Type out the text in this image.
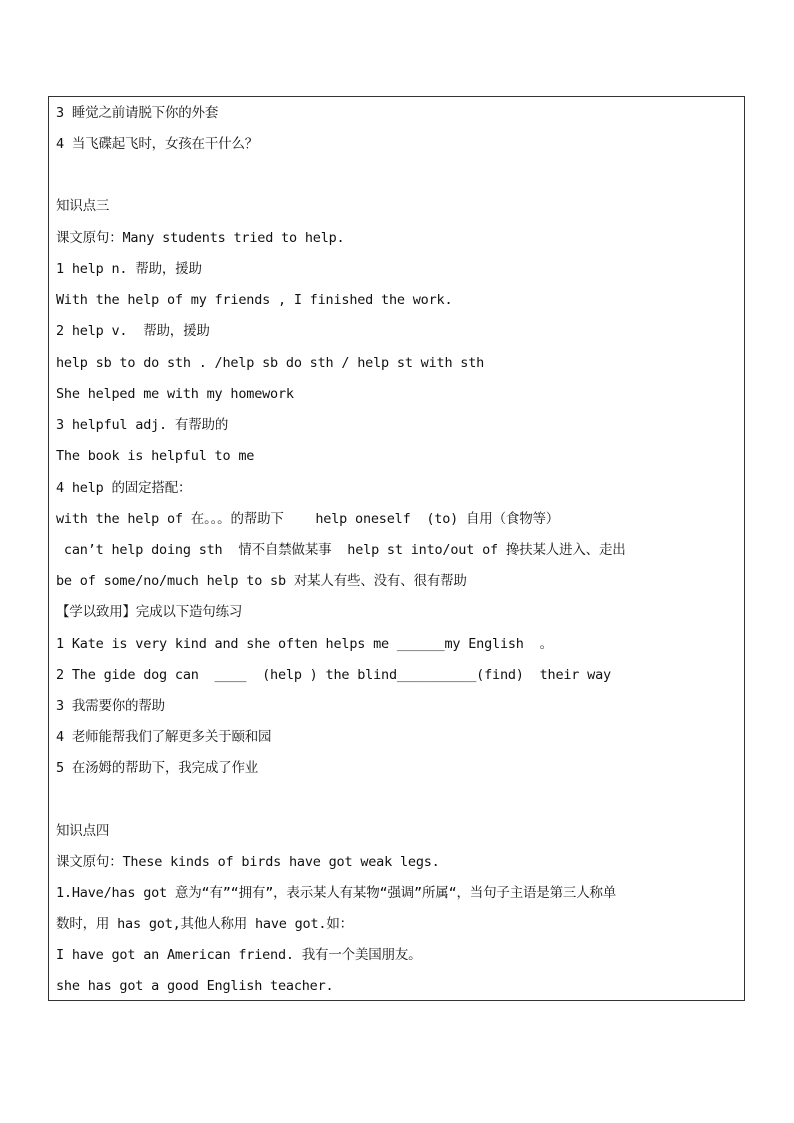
3 睡觉之前请脱下你的外套
4 当飞碟起飞时，女孩在干什么？
知识点三
课文原句：Many students tried to help.
1 help n. 帮助，援助
With the help of my friends , I finished the work.
2 help v.  帮助，援助
help sb to do sth . /help sb do sth / help st with sth
She helped me with my homework
3 helpful adj. 有帮助的
The book is helpful to me
4 help 的固定搭配：
with the help of 在。。。的帮助下    help oneself  (to) 自用（食物等）
can’t help doing sth  情不自禁做某事  help st into/out of 搀扶某人进入、走出
be of some/no/much help to sb 对某人有些、没有、很有帮助
【学以致用】完成以下造句练习
1 Kate is very kind and she often helps me ______my English  。
2 The gide dog can  ____  (help ) the blind__________(find)  their way
3 我需要你的帮助
4 老师能帮我们了解更多关于颐和园
5 在汤姆的帮助下，我完成了作业
知识点四
课文原句：These kinds of birds have got weak legs.
1.Have/has got 意为“有”“拥有”，表示某人有某物“强调”所属“，当句子主语是第三人称单
数时，用 has got,其他人称用 have got.如：
I have got an American friend. 我有一个美国朋友。
she has got a good English teacher.
